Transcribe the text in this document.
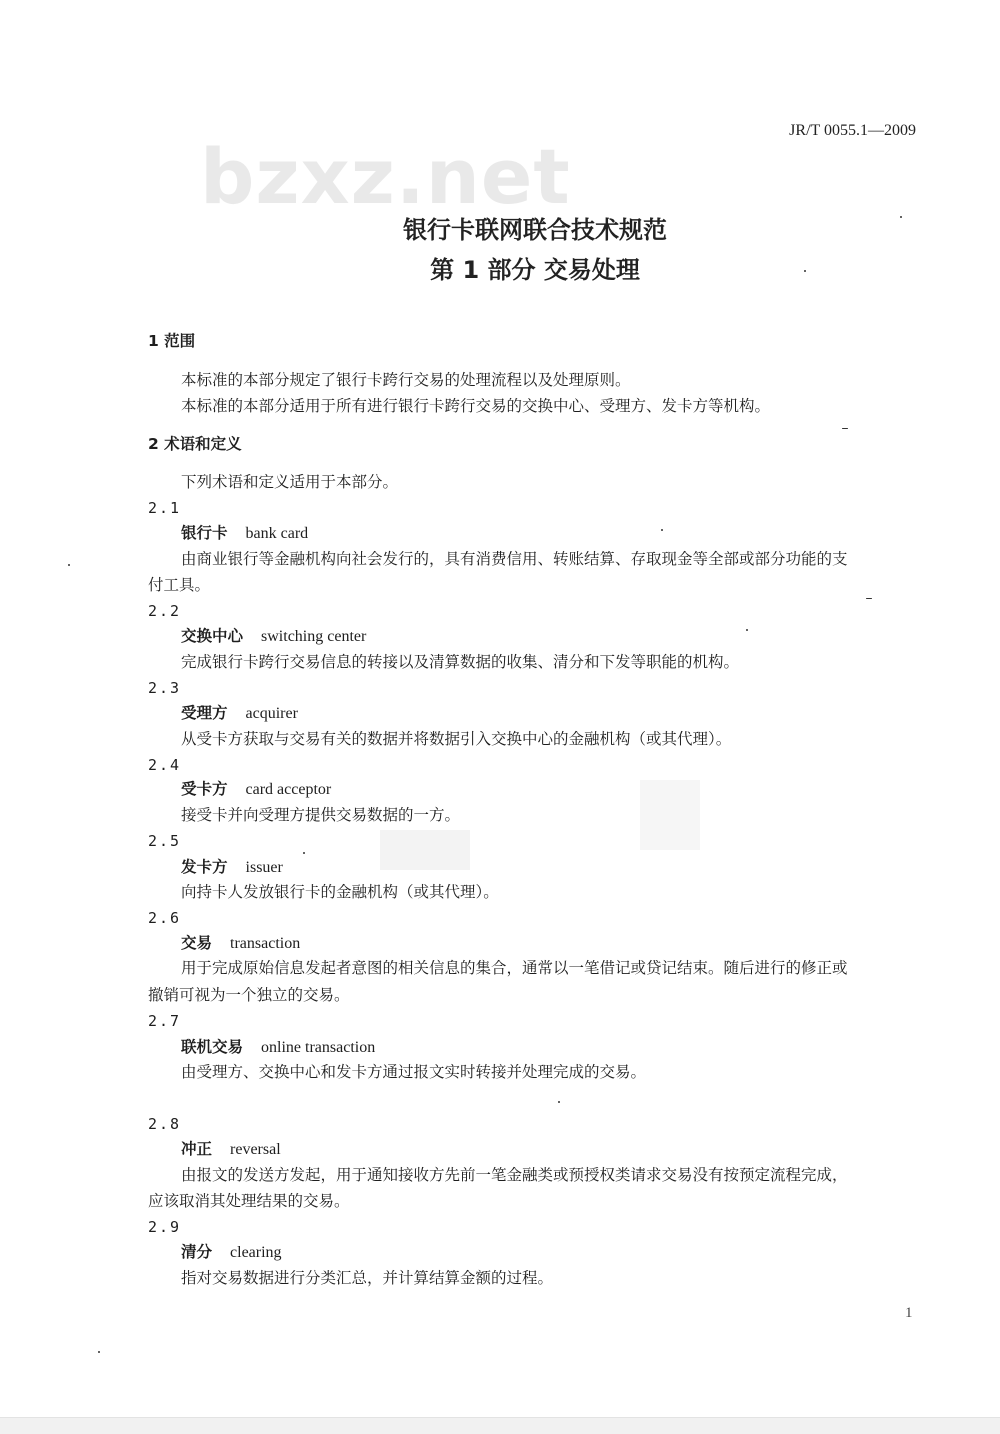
JR/T 0055.1—2009
bzxz.net
银行卡联网联合技术规范
第 1 部分 交易处理
1 范围
本标准的本部分规定了银行卡跨行交易的处理流程以及处理原则。
本标准的本部分适用于所有进行银行卡跨行交易的交换中心、受理方、发卡方等机构。
2 术语和定义
下列术语和定义适用于本部分。
2.1
银行卡 bank card
由商业银行等金融机构向社会发行的，具有消费信用、转账结算、存取现金等全部或部分功能的支
付工具。
2.2
交换中心 switching center
完成银行卡跨行交易信息的转接以及清算数据的收集、清分和下发等职能的机构。
2.3
受理方 acquirer
从受卡方获取与交易有关的数据并将数据引入交换中心的金融机构（或其代理）。
2.4
受卡方 card acceptor
接受卡并向受理方提供交易数据的一方。
2.5
发卡方 issuer
向持卡人发放银行卡的金融机构（或其代理）。
2.6
交易 transaction
用于完成原始信息发起者意图的相关信息的集合，通常以一笔借记或贷记结束。随后进行的修正或
撤销可视为一个独立的交易。
2.7
联机交易 online transaction
由受理方、交换中心和发卡方通过报文实时转接并处理完成的交易。
2.8
冲正 reversal
由报文的发送方发起，用于通知接收方先前一笔金融类或预授权类请求交易没有按预定流程完成，
应该取消其处理结果的交易。
2.9
清分 clearing
指对交易数据进行分类汇总，并计算结算金额的过程。
1
